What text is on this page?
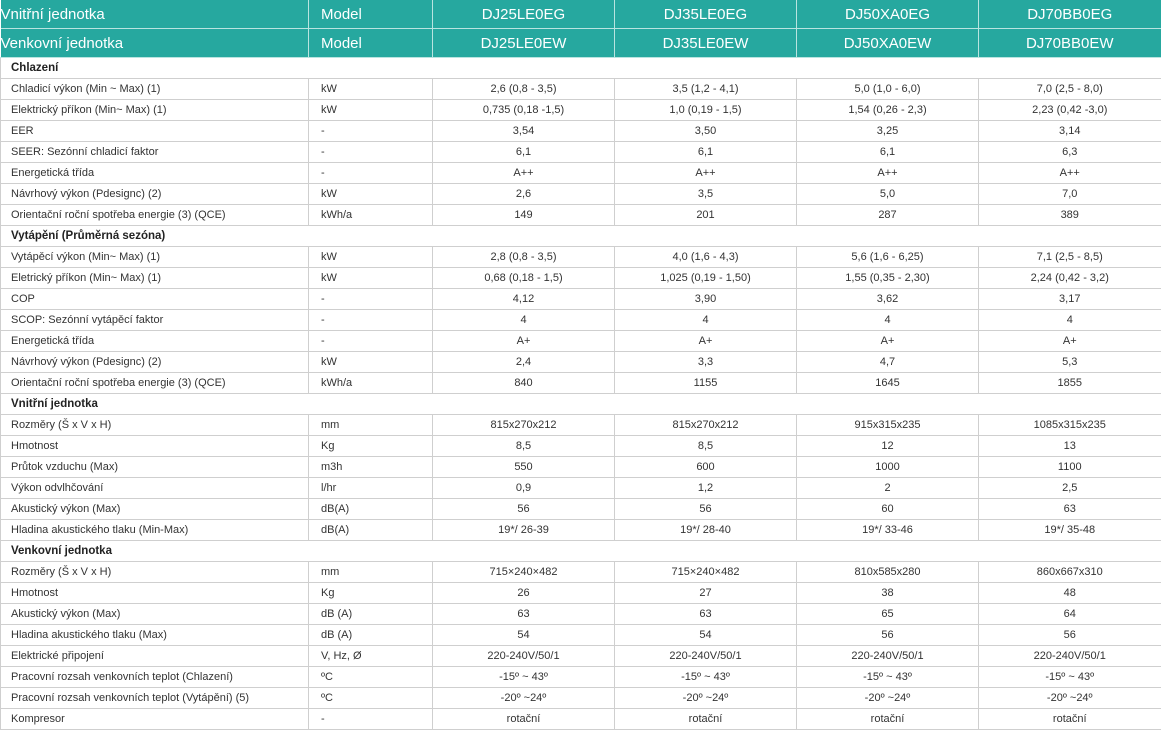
Vnitřní jednotka	Model	DJ25LE0EG	DJ35LE0EG	DJ50XA0EG	DJ70BB0EG
Venkovní jednotka	Model	DJ25LE0EW	DJ35LE0EW	DJ50XA0EW	DJ70BB0EW
Chlazení					
Chladicí výkon (Min ~ Max) (1)	kW	2,6 (0,8 - 3,5)	3,5 (1,2 - 4,1)	5,0 (1,0 - 6,0)	7,0 (2,5 - 8,0)
Elektrický příkon (Min~ Max) (1)	kW	0,735 (0,18 -1,5)	1,0 (0,19 - 1,5)	1,54 (0,26 - 2,3)	2,23 (0,42 -3,0)
EER	-	3,54	3,50	3,25	3,14
SEER: Sezónní chladicí faktor	-	6,1	6,1	6,1	6,3
Energetická třída	-	A++	A++	A++	A++
Návrhový výkon (Pdesignc) (2)	kW	2,6	3,5	5,0	7,0
Orientační roční spotřeba energie (3) (QCE)	kWh/a	149	201	287	389
Vytápění (Průměrná sezóna)					
Vytápěcí výkon (Min~ Max) (1)	kW	2,8 (0,8 - 3,5)	4,0 (1,6 - 4,3)	5,6 (1,6 - 6,25)	7,1 (2,5 - 8,5)
Eletrický příkon (Min~ Max) (1)	kW	0,68 (0,18 - 1,5)	1,025 (0,19 - 1,50)	1,55 (0,35 - 2,30)	2,24 (0,42 - 3,2)
COP	-	4,12	3,90	3,62	3,17
SCOP: Sezónní vytápěcí faktor	-	4	4	4	4
Energetická třída	-	A+	A+	A+	A+
Návrhový výkon (Pdesignc) (2)	kW	2,4	3,3	4,7	5,3
Orientační roční spotřeba energie (3) (QCE)	kWh/a	840	1155	1645	1855
Vnitřní jednotka					
Rozměry (Š x V x H)	mm	815x270x212	815x270x212	915x315x235	1085x315x235
Hmotnost	Kg	8,5	8,5	12	13
Průtok vzduchu (Max)	m3h	550	600	1000	1100
Výkon odvlhčování	l/hr	0,9	1,2	2	2,5
Akustický výkon (Max)	dB(A)	56	56	60	63
Hladina akustického tlaku (Min-Max)	dB(A)	19*/ 26-39	19*/ 28-40	19*/ 33-46	19*/ 35-48
Venkovní jednotka					
Rozměry (Š x V x H)	mm	715×240×482	715×240×482	810x585x280	860x667x310
Hmotnost	Kg	26	27	38	48
Akustický výkon (Max)	dB (A)	63	63	65	64
Hladina akustického tlaku (Max)	dB (A)	54	54	56	56
Elektrické připojení	V, Hz, Ø	220-240V/50/1	220-240V/50/1	220-240V/50/1	220-240V/50/1
Pracovní rozsah venkovních teplot (Chlazení)	ºC	-15º ~ 43º	-15º ~ 43º	-15º ~ 43º	-15º ~ 43º
Pracovní rozsah venkovních teplot (Vytápění) (5)	ºC	-20º ~24º	-20º ~24º	-20º ~24º	-20º ~24º
Kompresor	-	rotační	rotační	rotační	rotační
